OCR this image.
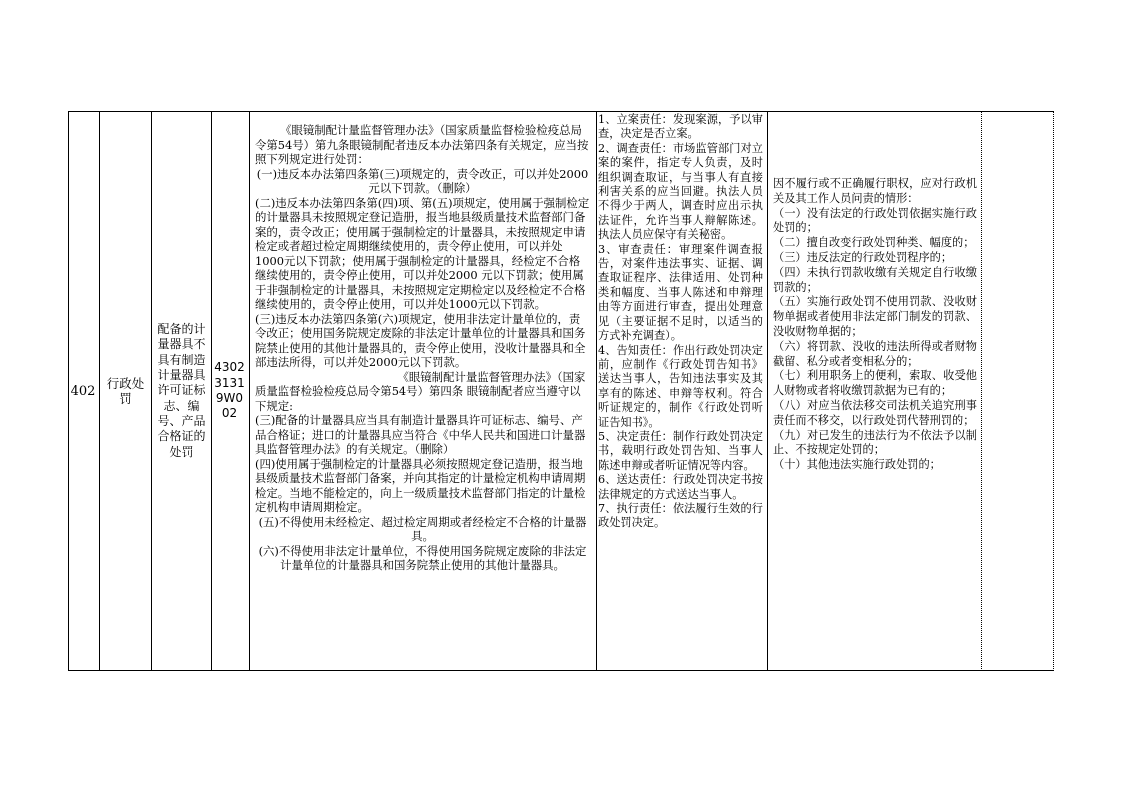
402 行政处罚
配备的计量器具不具有制造计量器具许可证标志、编号、产品合格证的处罚
43023131 9W002

《眼镜制配计量监督管理办法》（国家质量监督检验检疫总局令第54号）第九条眼镜制配者违反本办法第四条有关规定，应当按照下列规定进行处罚：

(一)违反本办法第四条第(三)项规定的，责令改正，可以并处2000元以下罚款。（删除）

(二)违反本办法第四条第(四)项、第(五)项规定，使用属于强制检定的计量器具未按照规定登记造册，报当地县级质量技术监督部门备案的，责令改正；使用属于强制检定的计量器具，未按照规定申请检定或者超过检定周期继续使用的，责令停止使用，可以并处1000元以下罚款；使用属于强制检定的计量器具，经检定不合格继续使用的，责令停止使用，可以并处2000 元以下罚款；使用属于非强制检定的计量器具，未按照规定定期检定以及经检定不合格继续使用的，责令停止使用，可以并处1000元以下罚款。

(三)违反本办法第四条第(六)项规定，使用非法定计量单位的，责令改正；使用国务院规定废除的非法定计量单位的计量器具和国务院禁止使用的其他计量器具的，责令停止使用，没收计量器具和全部违法所得，可以并处2000元以下罚款。

《眼镜制配计量监督管理办法》（国家质量监督检验检疫总局令第54号）第四条 眼镜制配者应当遵守以下规定:

(三)配备的计量器具应当具有制造计量器具许可证标志、编号、产品合格证；进口的计量器具应当符合《中华人民共和国进口计量器具监督管理办法》的有关规定。（删除）

(四)使用属于强制检定的计量器具必须按照规定登记造册，报当地县级质量技术监督部门备案，并向其指定的计量检定机构申请周期检定。当地不能检定的，向上一级质量技术监督部门指定的计量检定机构申请周期检定。

(五)不得使用未经检定、超过检定周期或者经检定不合格的计量器具。

(六)不得使用非法定计量单位，不得使用国务院规定废除的非法定计量单位的计量器具和国务院禁止使用的其他计量器具。

1、立案责任：发现案源，予以审查，决定是否立案。

2、调查责任：市场监管部门对立案的案件，指定专人负责，及时组织调查取证，与当事人有直接利害关系的应当回避。执法人员不得少于两人，调查时应出示执法证件，允许当事人辩解陈述。执法人员应保守有关秘密。

3、审查责任：审理案件调查报告，对案件违法事实、证据、调查取证程序、法律适用、处罚种类和幅度、当事人陈述和申辩理由等方面进行审查，提出处理意见（主要证据不足时，以适当的方式补充调查）。

4、告知责任：作出行政处罚决定前，应制作《行政处罚告知书》送达当事人，告知违法事实及其享有的陈述、申辩等权利。符合听证规定的，制作《行政处罚听证告知书》。

5、决定责任：制作行政处罚决定书，载明行政处罚告知、当事人陈述申辩或者听证情况等内容。

6、送达责任：行政处罚决定书按法律规定的方式送达当事人。

7、执行责任：依法履行生效的行政处罚决定。

因不履行或不正确履行职权，应对行政机关及其工作人员问责的情形：

（一）没有法定的行政处罚依据实施行政处罚的；

（二）擅自改变行政处罚种类、幅度的；

（三）违反法定的行政处罚程序的；

（四）未执行罚款收缴有关规定自行收缴罚款的；

（五）实施行政处罚不使用罚款、没收财物单据或者使用非法定部门制发的罚款、没收财物单据的；

（六）将罚款、没收的违法所得或者财物截留、私分或者变相私分的；

（七）利用职务上的便利，索取、收受他人财物或者将收缴罚款据为已有的；

（八）对应当依法移交司法机关追究刑事责任而不移交，以行政处罚代替刑罚的；

（九）对已发生的违法行为不依法予以制止、不按规定处罚的；

（十）其他违法实施行政处罚的；
